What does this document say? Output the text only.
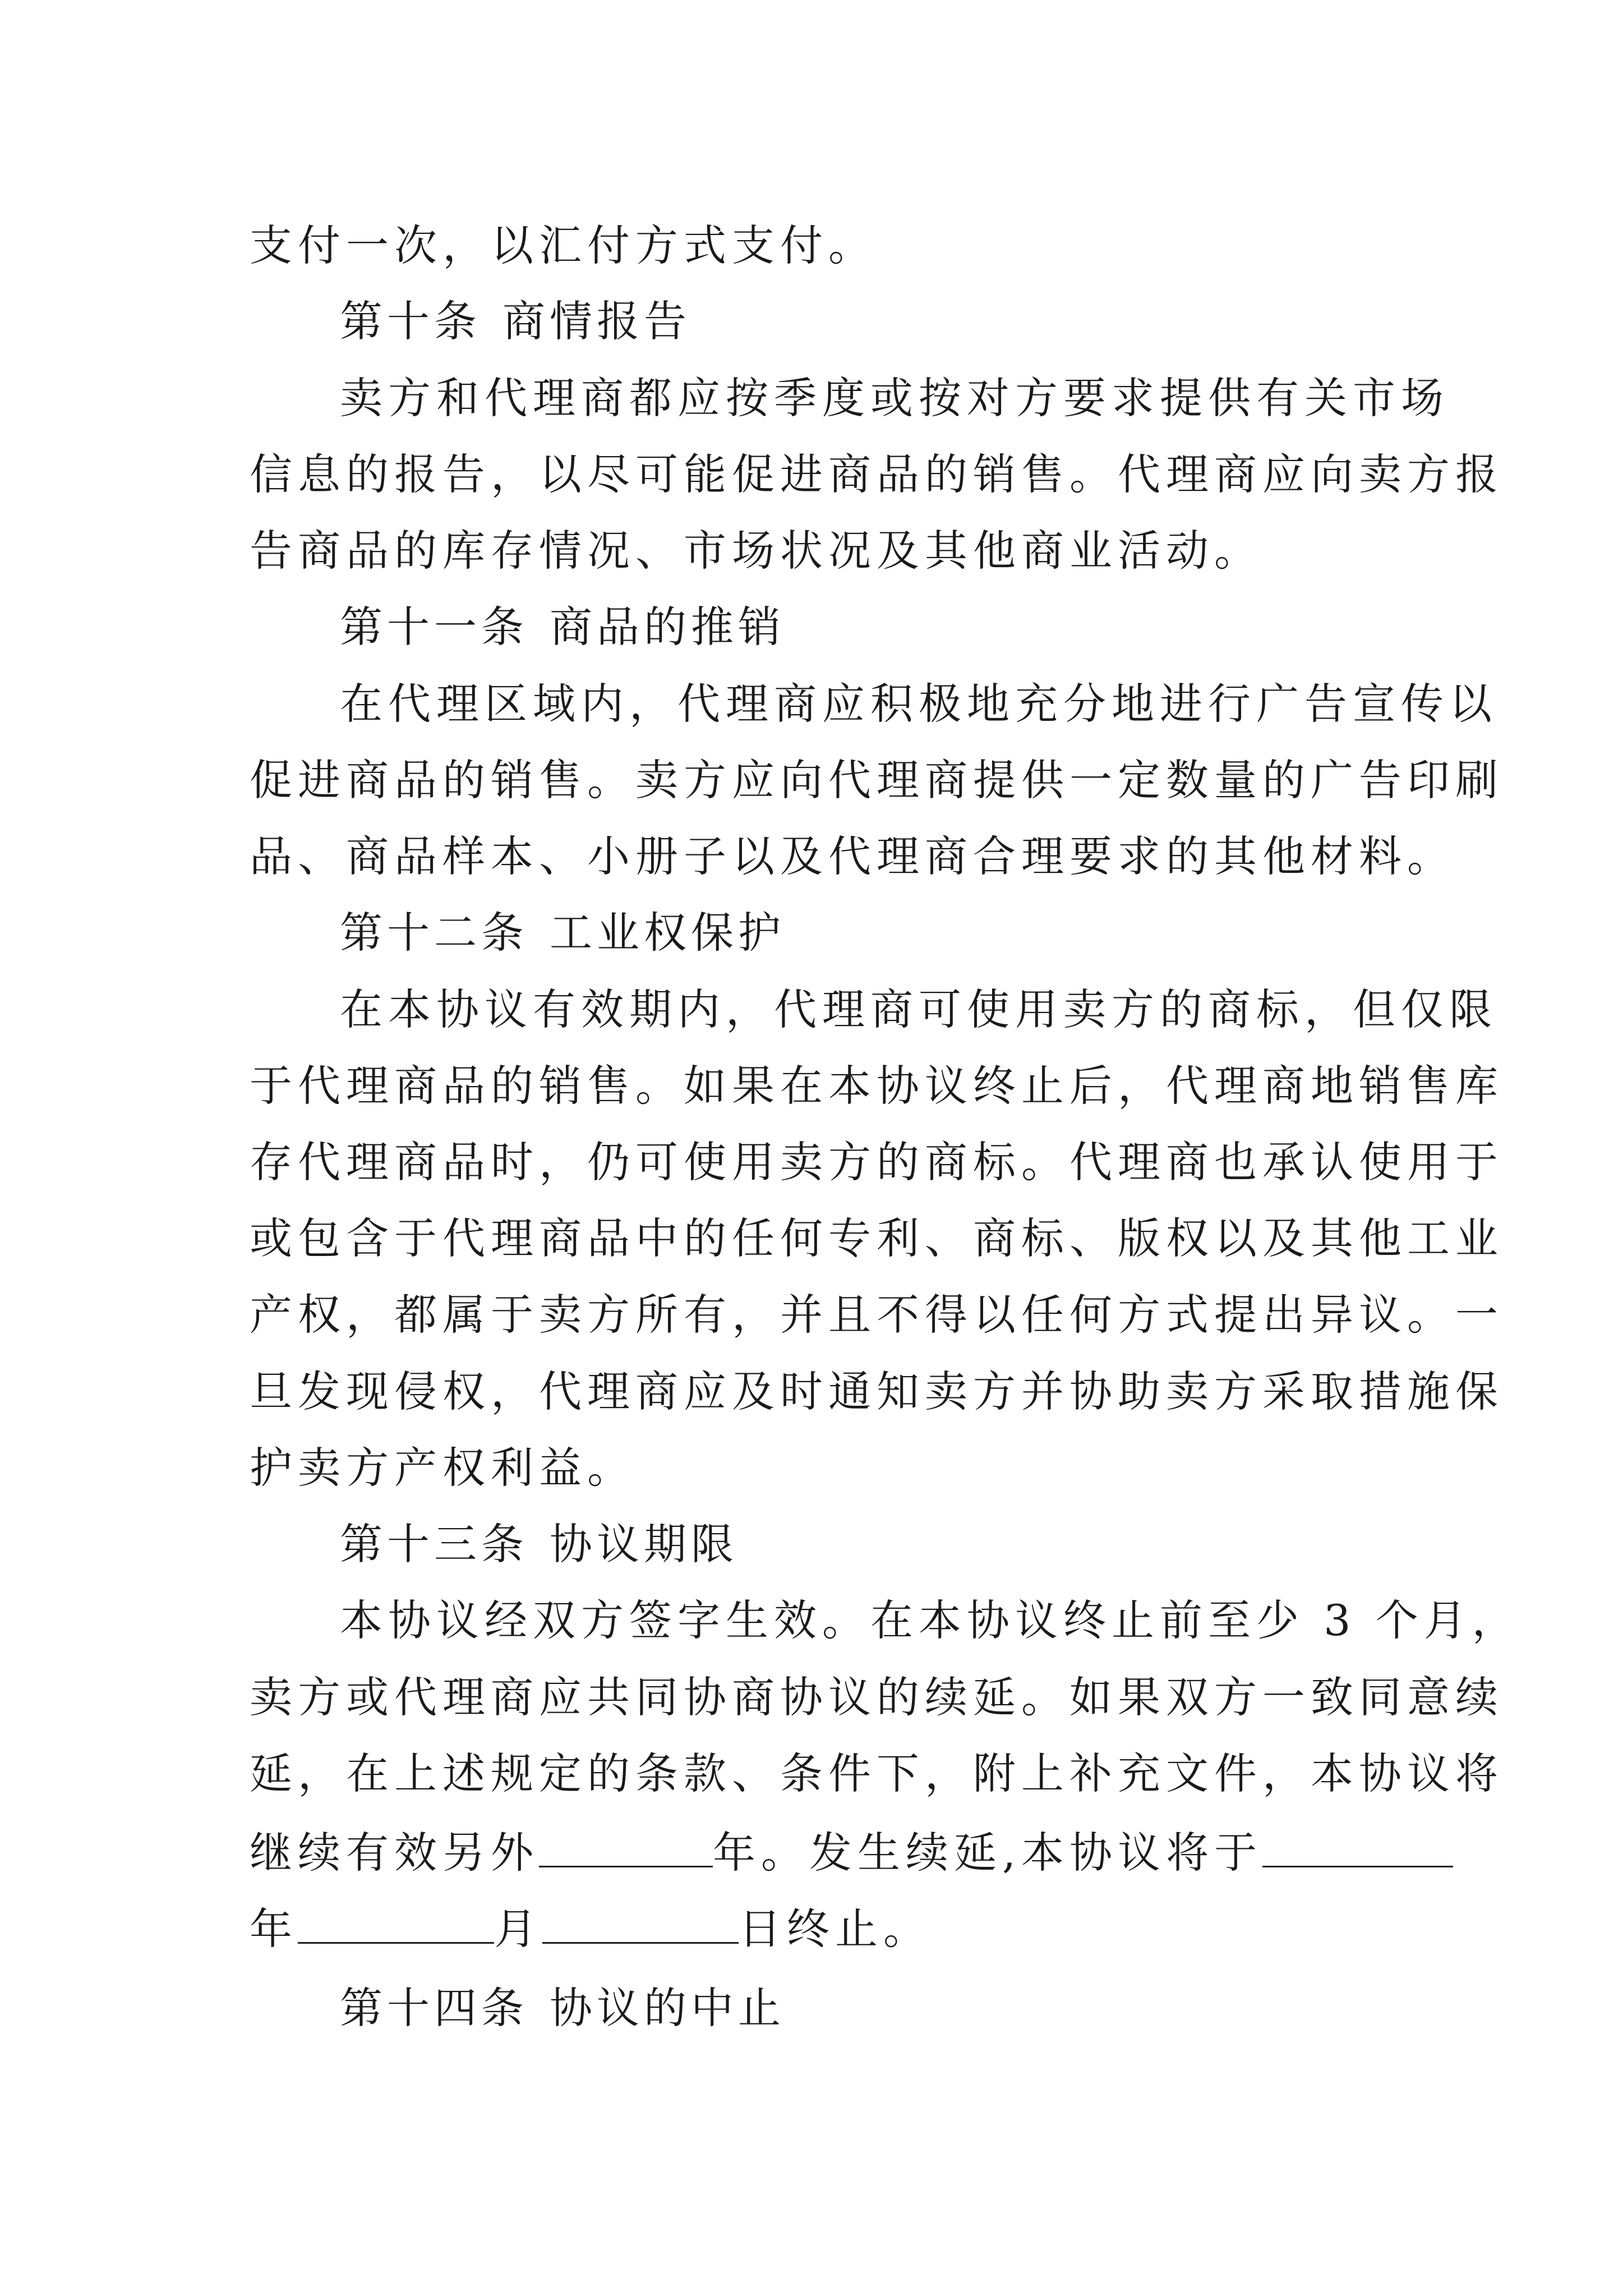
支付一次，以汇付方式支付。
第十条 商情报告
卖方和代理商都应按季度或按对方要求提供有关市场
信息的报告，以尽可能促进商品的销售。代理商应向卖方报
告商品的库存情况、市场状况及其他商业活动。
第十一条 商品的推销
在代理区域内，代理商应积极地充分地进行广告宣传以
促进商品的销售。卖方应向代理商提供一定数量的广告印刷
品、商品样本、小册子以及代理商合理要求的其他材料。
第十二条 工业权保护
在本协议有效期内，代理商可使用卖方的商标，但仅限
于代理商品的销售。如果在本协议终止后，代理商地销售库
存代理商品时，仍可使用卖方的商标。代理商也承认使用于
或包含于代理商品中的任何专利、商标、版权以及其他工业
产权，都属于卖方所有，并且不得以任何方式提出异议。一
旦发现侵权，代理商应及时通知卖方并协助卖方采取措施保
护卖方产权利益。
第十三条 协议期限
本协议经双方签字生效。在本协议终止前至少 3 个月，
卖方或代理商应共同协商协议的续延。如果双方一致同意续
延，在上述规定的条款、条件下，附上补充文件，本协议将
继续有效另外	年。发生续延,本协议将于
年	月	日终止。
第十四条 协议的中止
